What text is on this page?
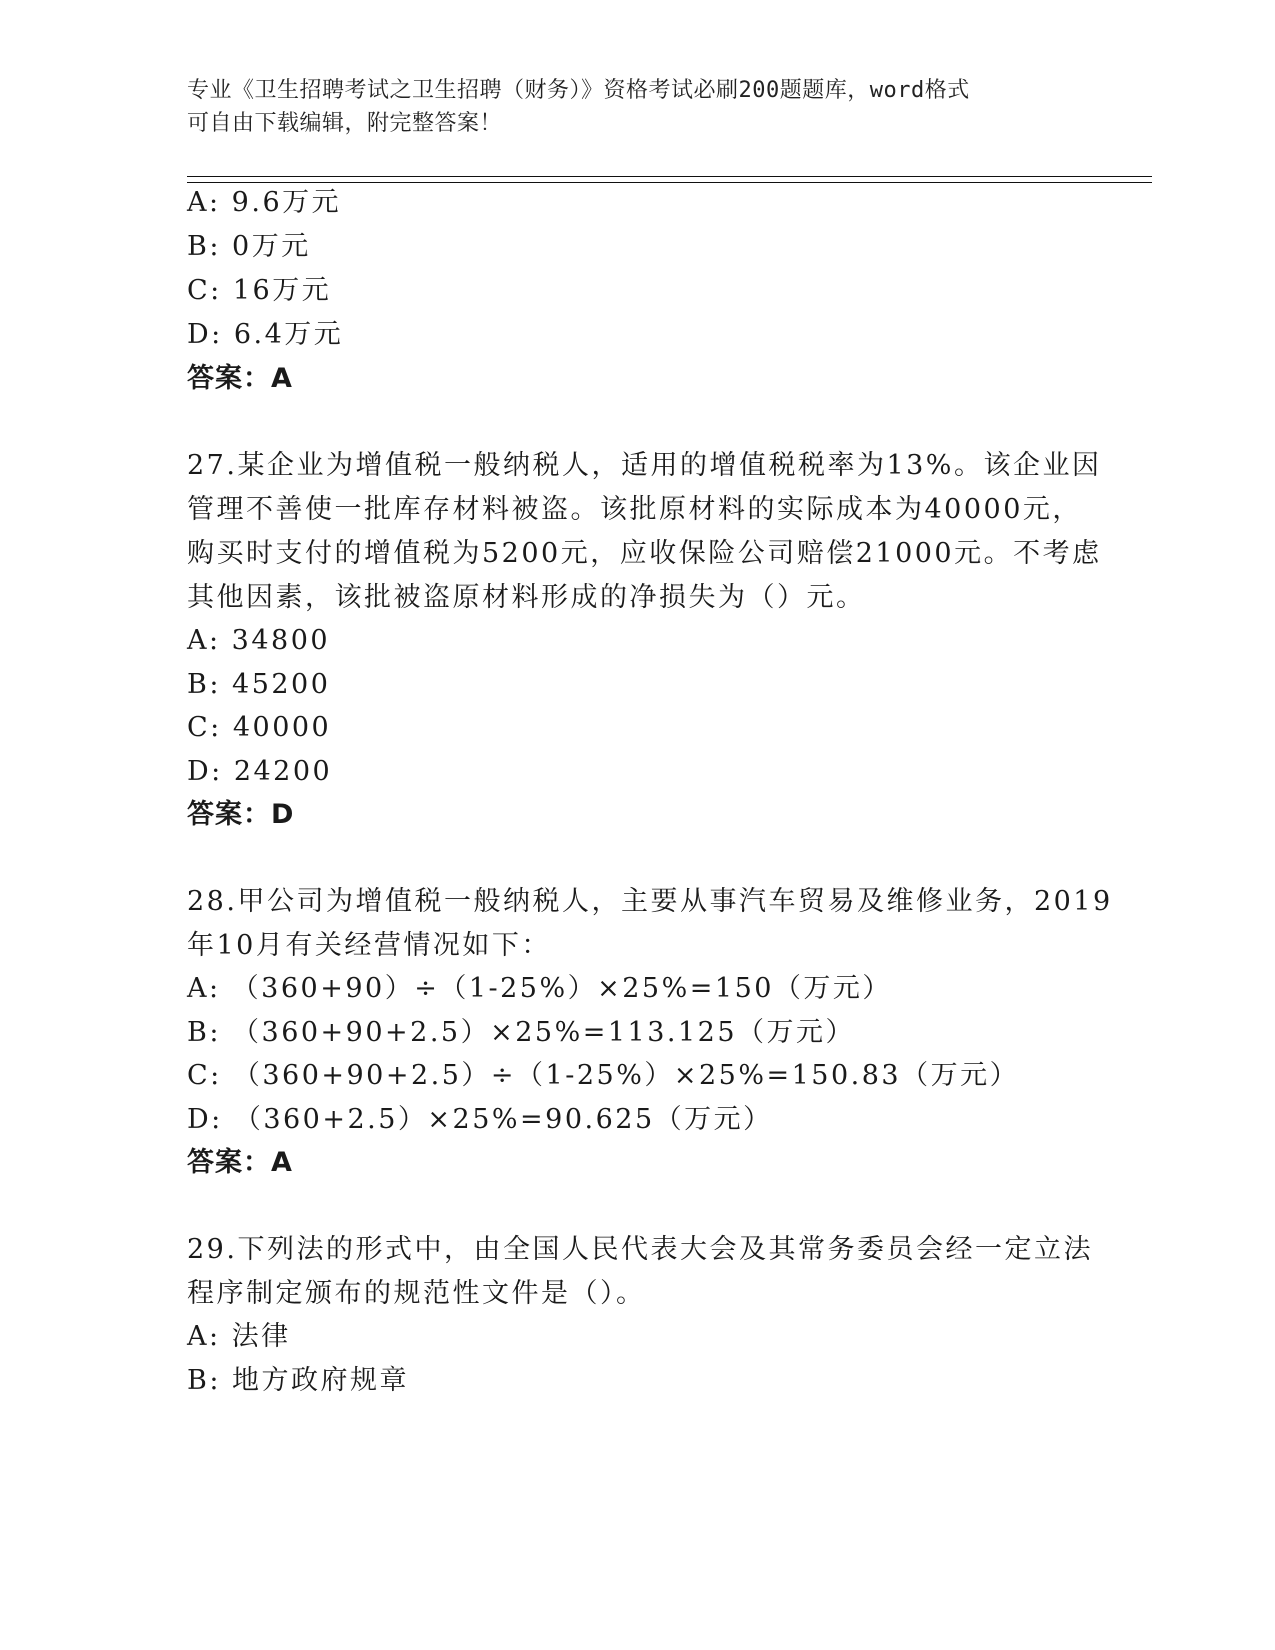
专业《卫生招聘考试之卫生招聘（财务）》资格考试必刷200题题库，word格式
可自由下载编辑，附完整答案！
A: 9.6万元
B: 0万元
C: 16万元
D: 6.4万元
答案：A
27.某企业为增值税一般纳税人，适用的增值税税率为13%。该企业因
管理不善使一批库存材料被盗。该批原材料的实际成本为40000元，
购买时支付的增值税为5200元，应收保险公司赔偿21000元。不考虑
其他因素，该批被盗原材料形成的净损失为（）元。
A: 34800
B: 45200
C: 40000
D: 24200
答案：D
28.甲公司为增值税一般纳税人，主要从事汽车贸易及维修业务，2019
年10月有关经营情况如下：
A: （360+90）÷（1-25%）×25%=150（万元）
B: （360+90+2.5）×25%=113.125（万元）
C: （360+90+2.5）÷（1-25%）×25%=150.83（万元）
D: （360+2.5）×25%=90.625（万元）
答案：A
29.下列法的形式中，由全国人民代表大会及其常务委员会经一定立法
程序制定颁布的规范性文件是（）。
A: 法律
B: 地方政府规章
